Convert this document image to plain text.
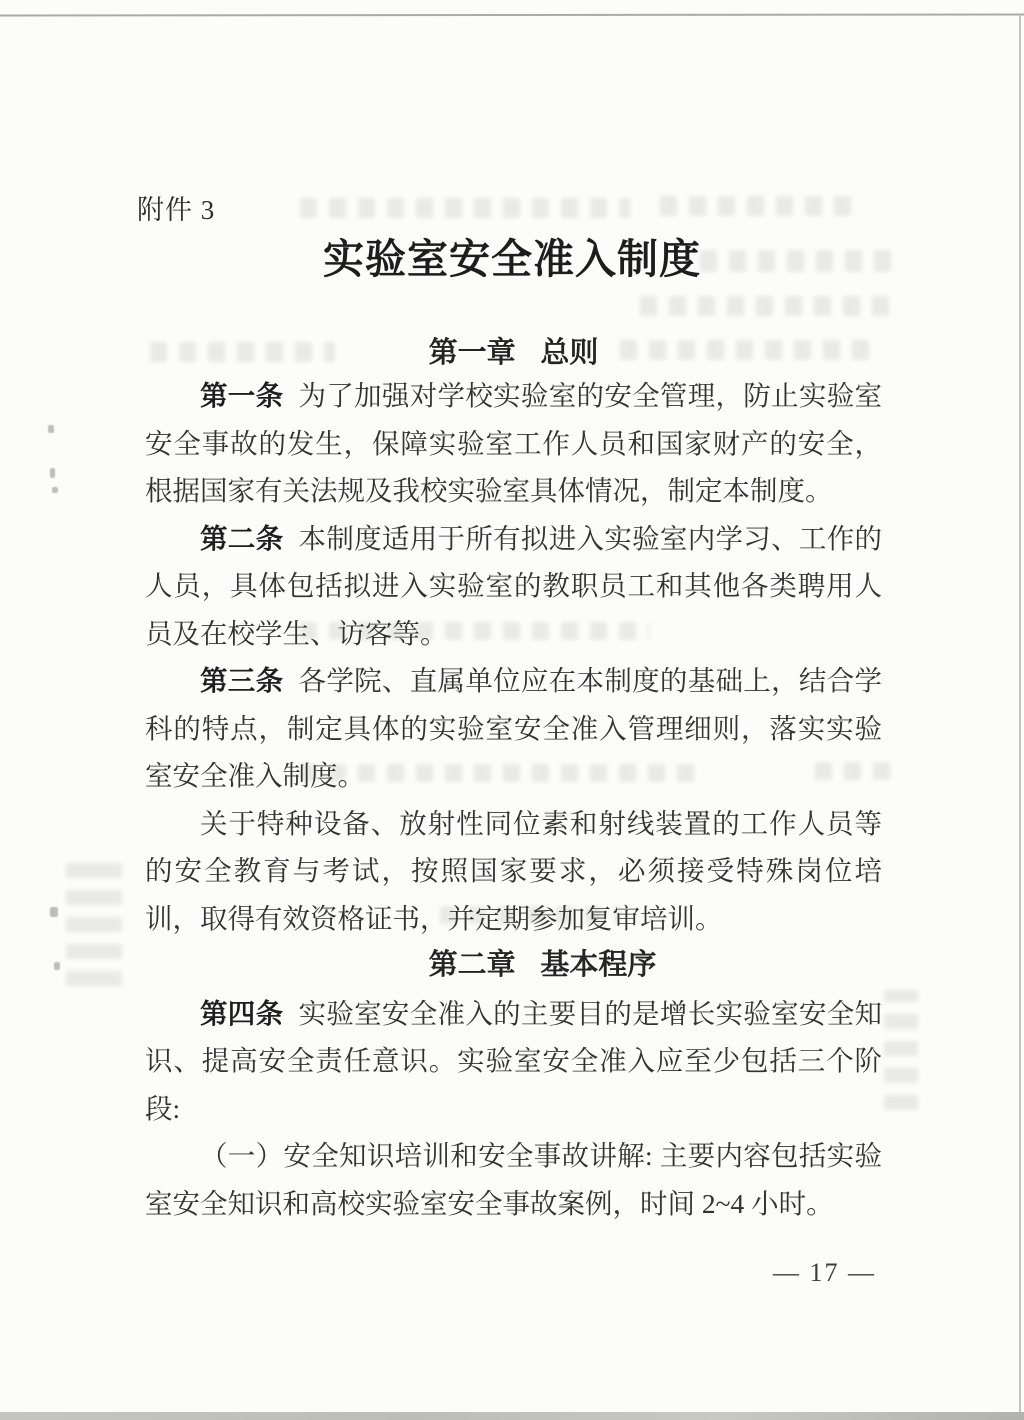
附件 3
实验室安全准入制度
第一章 总则

第一条 为了加强对学校实验室的安全管理，防止实验室安全事故的发生，保障实验室工作人员和国家财产的安全，根据国家有关法规及我校实验室具体情况，制定本制度。

第二条 本制度适用于所有拟进入实验室内学习、工作的人员，具体包括拟进入实验室的教职员工和其他各类聘用人员及在校学生、访客等。

第三条 各学院、直属单位应在本制度的基础上，结合学科的特点，制定具体的实验室安全准入管理细则，落实实验室安全准入制度。

关于特种设备、放射性同位素和射线装置的工作人员等的安全教育与考试，按照国家要求，必须接受特殊岗位培训，取得有效资格证书，并定期参加复审培训。

第二章 基本程序

第四条 实验室安全准入的主要目的是增长实验室安全知识、提高安全责任意识。实验室安全准入应至少包括三个阶段:

（一）安全知识培训和安全事故讲解: 主要内容包括实验室安全知识和高校实验室安全事故案例，时间 2~4 小时。

— 17 —
